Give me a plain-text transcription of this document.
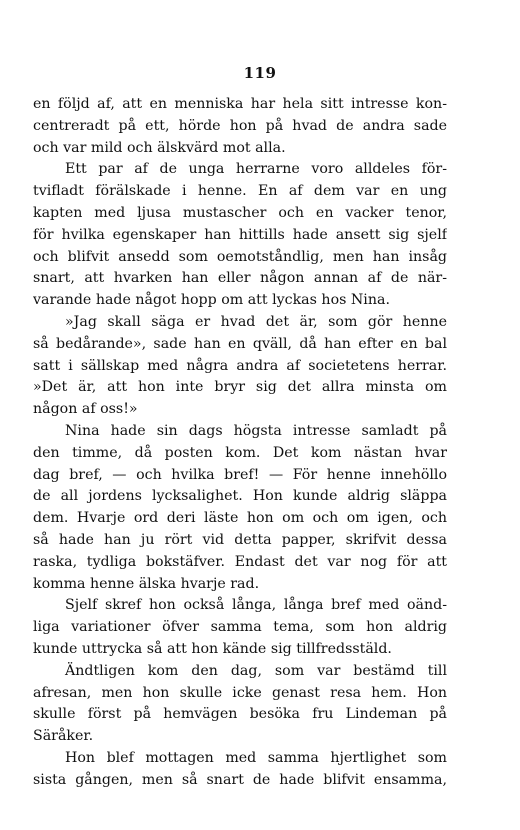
119
en följd af, att en menniska har hela sitt intresse kon-
centreradt på ett, hörde hon på hvad de andra sade
och var mild och älskvärd mot alla.
Ett par af de unga herrarne voro alldeles för-
tvifladt förälskade i henne. En af dem var en ung
kapten med ljusa mustascher och en vacker tenor,
för hvilka egenskaper han hittills hade ansett sig sjelf
och blifvit ansedd som oemotståndlig, men han insåg
snart, att hvarken han eller någon annan af de när-
varande hade något hopp om att lyckas hos Nina.
»Jag skall säga er hvad det är, som gör henne
så bedårande», sade han en qväll, då han efter en bal
satt i sällskap med några andra af societetens herrar.
»Det är, att hon inte bryr sig det allra minsta om
någon af oss!»
Nina hade sin dags högsta intresse samladt på
den timme, då posten kom. Det kom nästan hvar
dag bref, — och hvilka bref! — För henne innehöllo
de all jordens lycksalighet. Hon kunde aldrig släppa
dem. Hvarje ord deri läste hon om och om igen, och
så hade han ju rört vid detta papper, skrifvit dessa
raska, tydliga bokstäfver. Endast det var nog för att
komma henne älska hvarje rad.
Sjelf skref hon också långa, långa bref med oänd-
liga variationer öfver samma tema, som hon aldrig
kunde uttrycka så att hon kände sig tillfredsstäld.
Ändtligen kom den dag, som var bestämd till
afresan, men hon skulle icke genast resa hem. Hon
skulle först på hemvägen besöka fru Lindeman på
Säråker.
Hon blef mottagen med samma hjertlighet som
sista gången, men så snart de hade blifvit ensamma,
